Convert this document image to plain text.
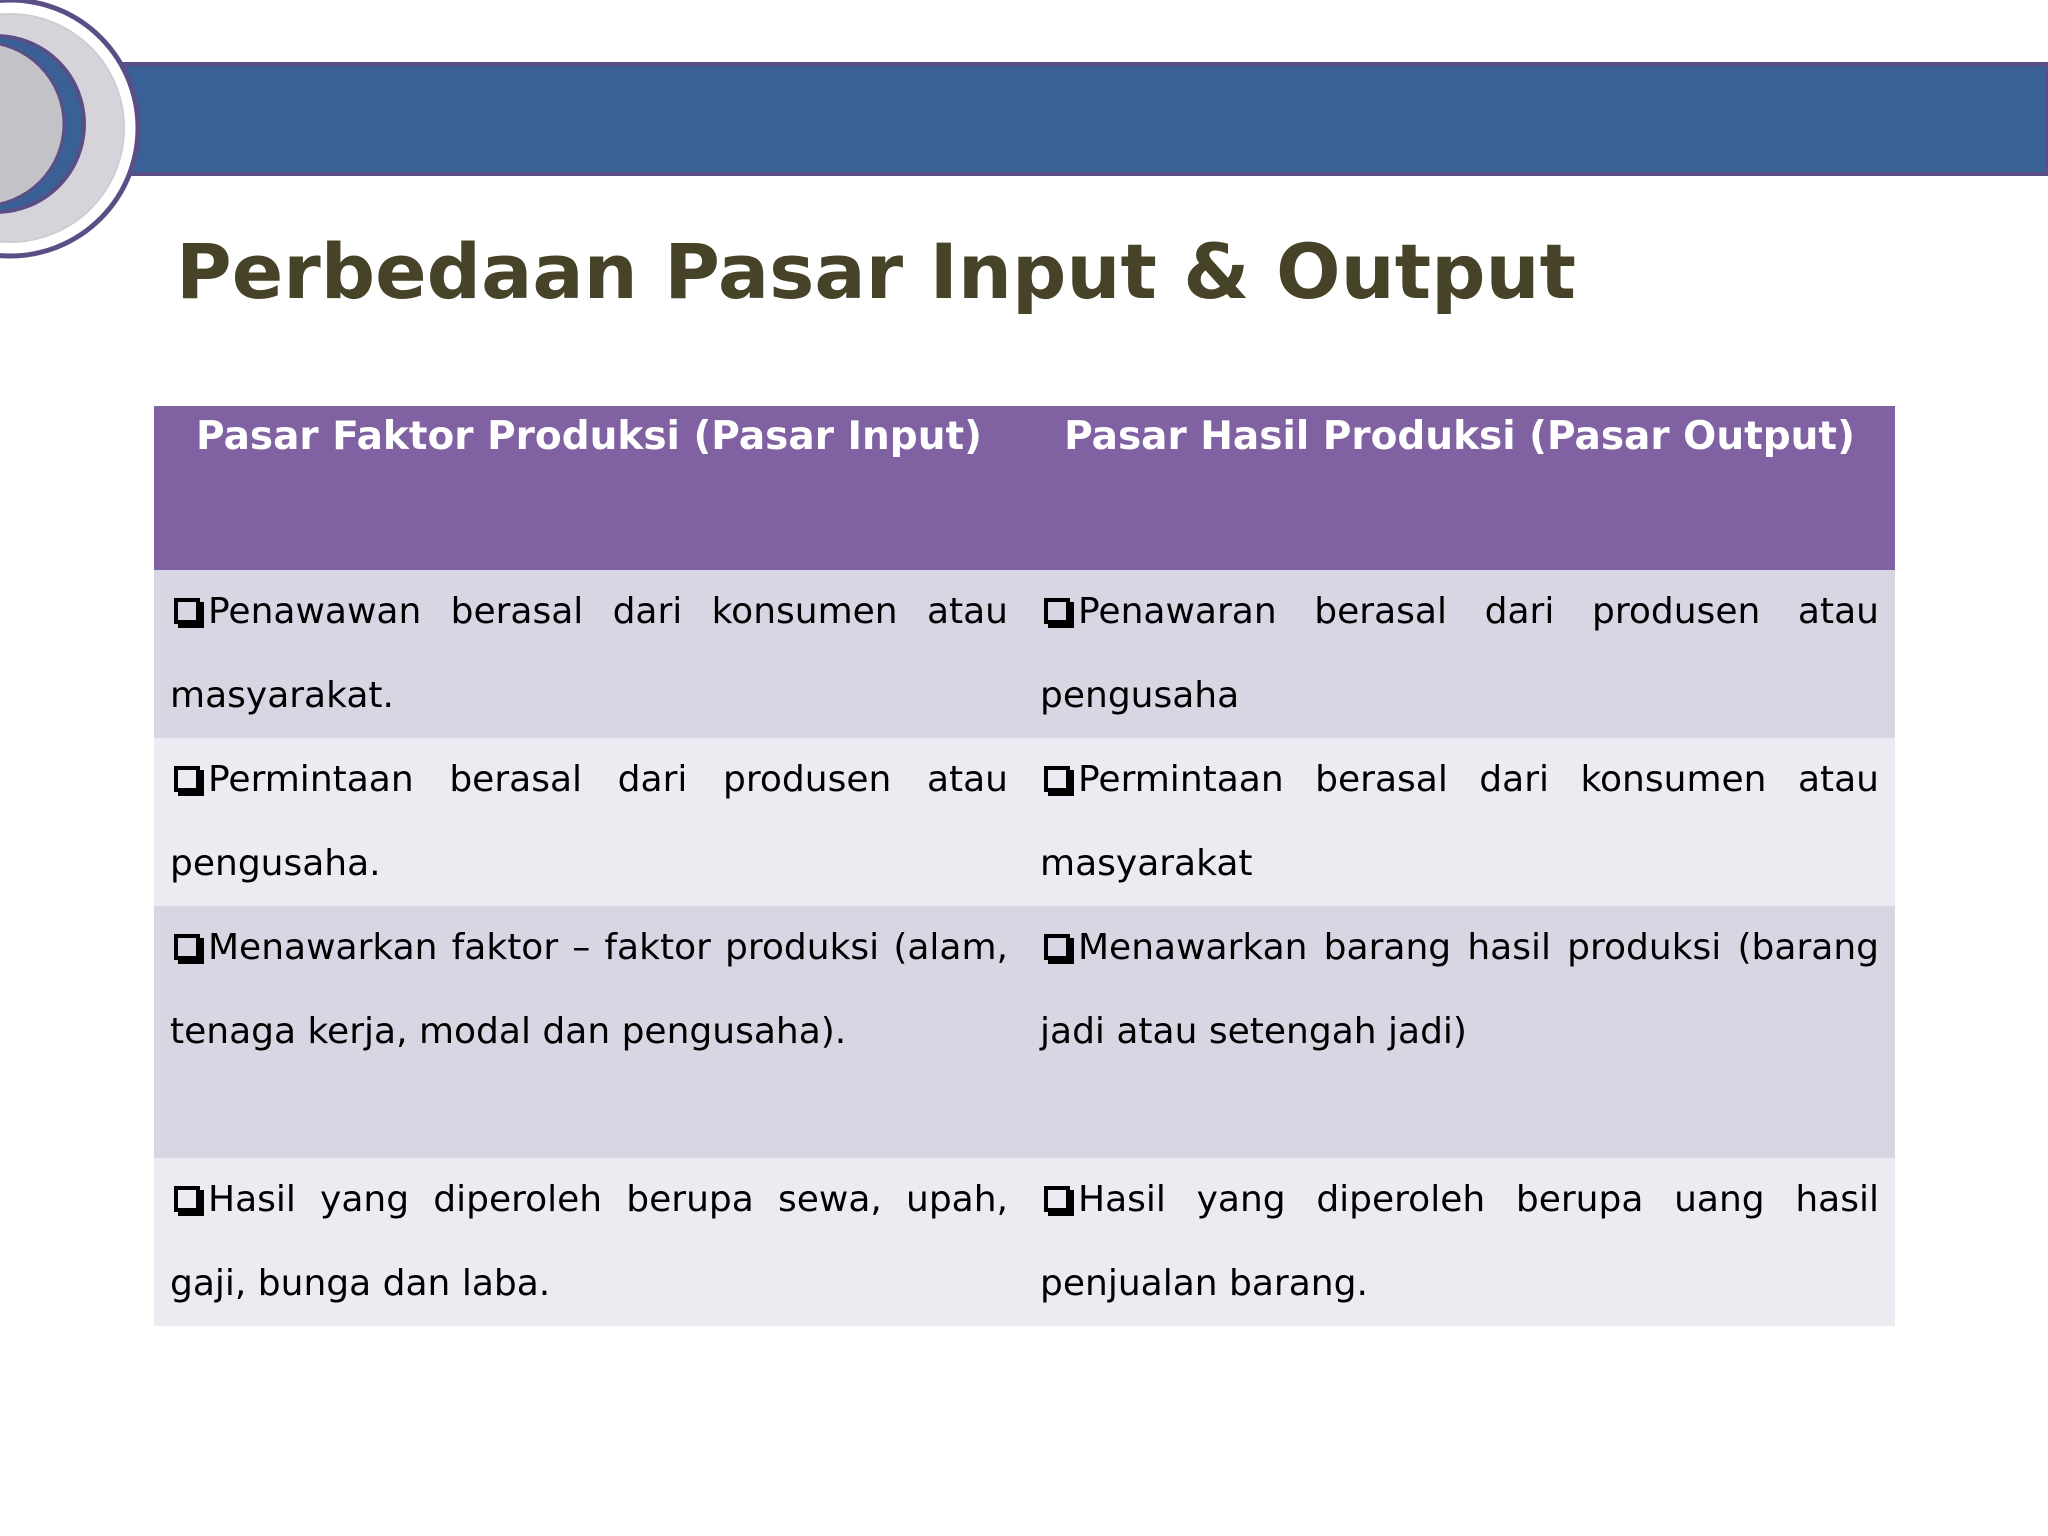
Perbedaan Pasar Input & Output
Pasar Faktor Produksi (Pasar Input)	Pasar Hasil Produksi (Pasar Output)
Penawawan berasal dari konsumen atau masyarakat.	Penawaran berasal dari produsen atau pengusaha
Permintaan berasal dari produsen atau pengusaha.	Permintaan berasal dari konsumen atau masyarakat
Menawarkan faktor – faktor produksi (alam, tenaga kerja, modal dan pengusaha).	Menawarkan barang hasil produksi (barang jadi atau setengah jadi)
Hasil yang diperoleh berupa sewa, upah, gaji, bunga dan laba.	Hasil yang diperoleh berupa uang hasil penjualan barang.
